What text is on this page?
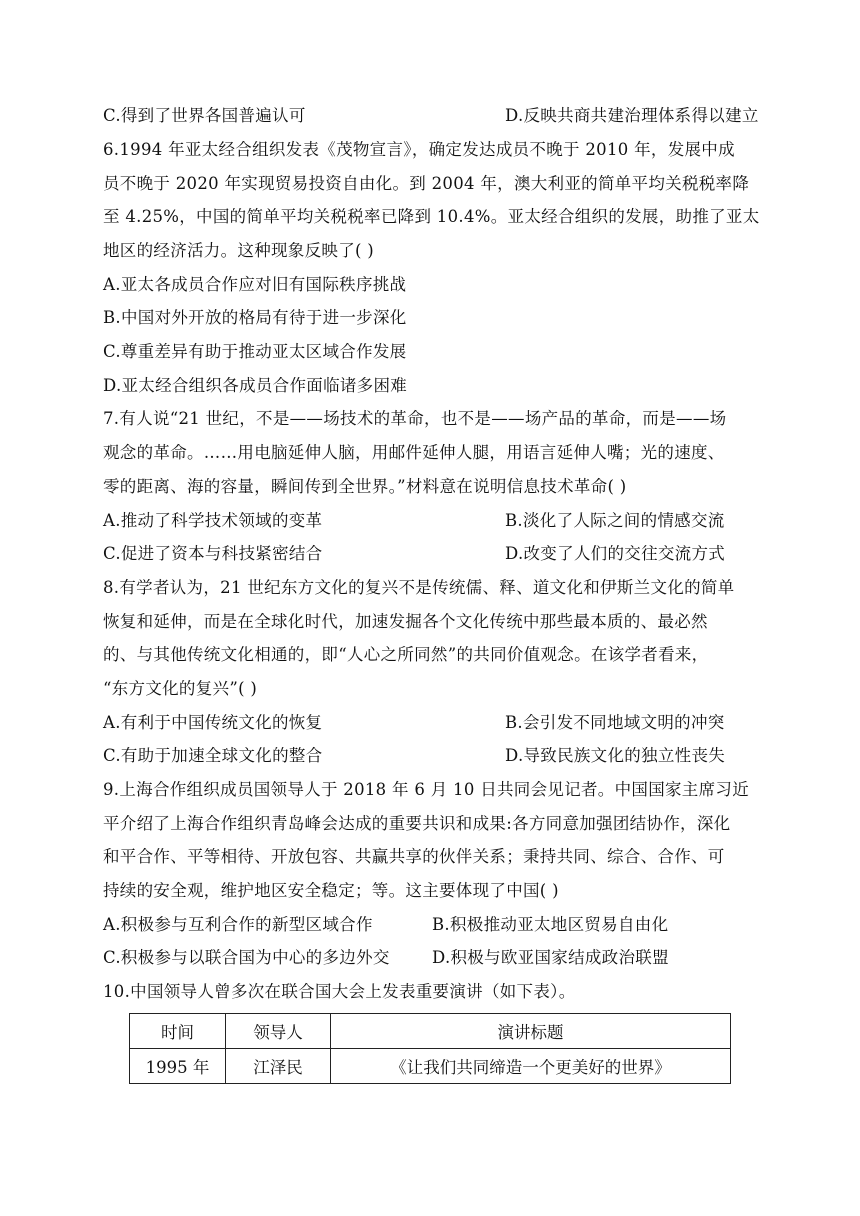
C.得到了世界各国普遍认可	D.反映共商共建治理体系得以建立
6.1994 年亚太经合组织发表《茂物宣言》，确定发达成员不晚于 2010 年，发展中成
员不晚于 2020 年实现贸易投资自由化。到 2004 年，澳大利亚的简单平均关税税率降
至 4.25%，中国的简单平均关税税率已降到 10.4%。亚太经合组织的发展，助推了亚太
地区的经济活力。这种现象反映了( )
A.亚太各成员合作应对旧有国际秩序挑战
B.中国对外开放的格局有待于进一步深化
C.尊重差异有助于推动亚太区域合作发展
D.亚太经合组织各成员合作面临诸多困难
7.有人说“21 世纪，不是——场技术的革命，也不是——场产品的革命，而是——场
观念的革命。……用电脑延伸人脑，用邮件延伸人腿，用语言延伸人嘴；光的速度、
零的距离、海的容量，瞬间传到全世界。”材料意在说明信息技术革命( )
A.推动了科学技术领域的变革	B.淡化了人际之间的情感交流
C.促进了资本与科技紧密结合	D.改变了人们的交往交流方式
8.有学者认为，21 世纪东方文化的复兴不是传统儒、释、道文化和伊斯兰文化的简单
恢复和延伸，而是在全球化时代，加速发掘各个文化传统中那些最本质的、最必然
的、与其他传统文化相通的，即“人心之所同然”的共同价值观念。在该学者看来，
“东方文化的复兴”( )
A.有利于中国传统文化的恢复	B.会引发不同地域文明的冲突
C.有助于加速全球文化的整合	D.导致民族文化的独立性丧失
9.上海合作组织成员国领导人于 2018 年 6 月 10 日共同会见记者。中国国家主席习近
平介绍了上海合作组织青岛峰会达成的重要共识和成果:各方同意加强团结协作，深化
和平合作、平等相待、开放包容、共赢共享的伙伴关系；秉持共同、综合、合作、可
持续的安全观，维护地区安全稳定；等。这主要体现了中国( )
A.积极参与互利合作的新型区域合作	B.积极推动亚太地区贸易自由化
C.积极参与以联合国为中心的多边外交	D.积极与欧亚国家结成政治联盟
10.中国领导人曾多次在联合国大会上发表重要演讲（如下表）。
时间	领导人	演讲标题
1995 年	江泽民	《让我们共同缔造一个更美好的世界》
